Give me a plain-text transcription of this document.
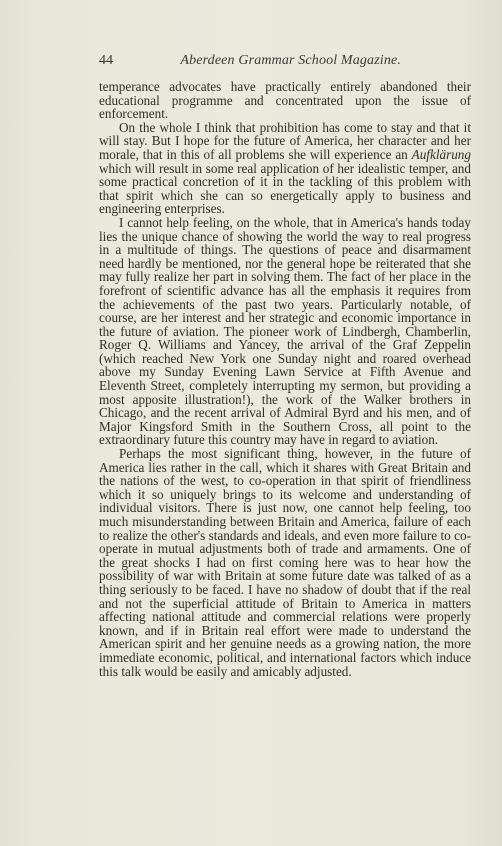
44	Aberdeen Grammar School Magazine.

temperance advocates have practically entirely abandoned their educational programme and concentrated upon the issue of enforcement.

On the whole I think that prohibition has come to stay and that it will stay. But I hope for the future of America, her character and her morale, that in this of all problems she will experience an Aufklärung which will result in some real application of her idealistic temper, and some practical concretion of it in the tackling of this problem with that spirit which she can so energetically apply to business and engineering enterprises.

I cannot help feeling, on the whole, that in America's hands today lies the unique chance of showing the world the way to real progress in a multitude of things. The questions of peace and disarmament need hardly be mentioned, nor the general hope be reiterated that she may fully realize her part in solving them. The fact of her place in the forefront of scientific advance has all the emphasis it requires from the achievements of the past two years. Particularly notable, of course, are her interest and her strategic and economic importance in the future of aviation. The pioneer work of Lindbergh, Chamberlin, Roger Q. Williams and Yancey, the arrival of the Graf Zeppelin (which reached New York one Sunday night and roared overhead above my Sunday Evening Lawn Service at Fifth Avenue and Eleventh Street, completely interrupting my sermon, but providing a most apposite illustration!), the work of the Walker brothers in Chicago, and the recent arrival of Admiral Byrd and his men, and of Major Kingsford Smith in the Southern Cross, all point to the extraordinary future this country may have in regard to aviation.

Perhaps the most significant thing, however, in the future of America lies rather in the call, which it shares with Great Britain and the nations of the west, to co-operation in that spirit of friendliness which it so uniquely brings to its welcome and understanding of individual visitors. There is just now, one cannot help feeling, too much misunderstanding between Britain and America, failure of each to realize the other's standards and ideals, and even more failure to co-operate in mutual adjustments both of trade and armaments. One of the great shocks I had on first coming here was to hear how the possibility of war with Britain at some future date was talked of as a thing seriously to be faced. I have no shadow of doubt that if the real and not the superficial attitude of Britain to America in matters affecting national attitude and commercial relations were properly known, and if in Britain real effort were made to understand the American spirit and her genuine needs as a growing nation, the more immediate economic, political, and international factors which induce this talk would be easily and amicably adjusted.
